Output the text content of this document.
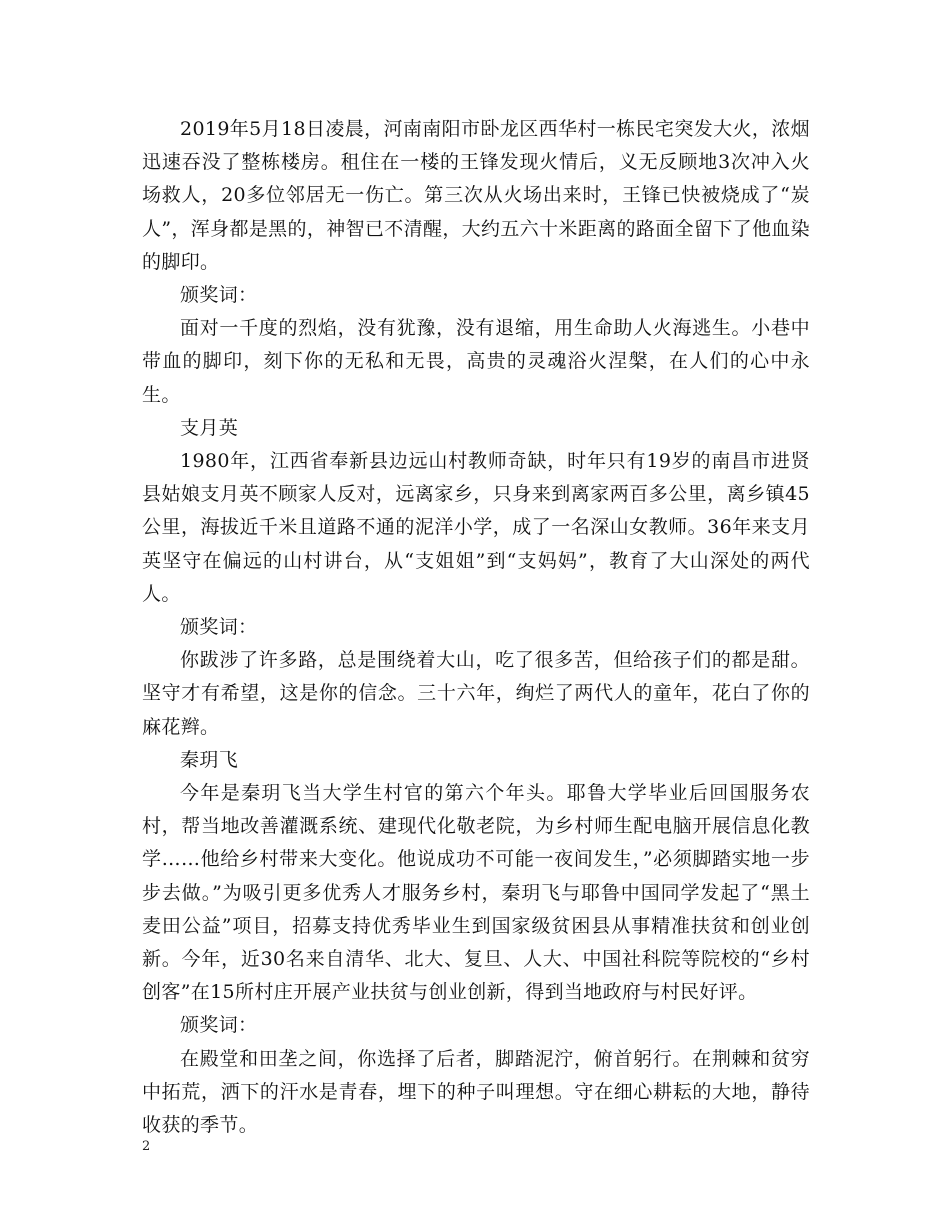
2019年5月18日凌晨，河南南阳市卧龙区西华村一栋民宅突发大火，浓烟迅速吞没了整栋楼房。租住在一楼的王锋发现火情后，义无反顾地3次冲入火场救人，20多位邻居无一伤亡。第三次从火场出来时，王锋已快被烧成了“炭人”，浑身都是黑的，神智已不清醒，大约五六十米距离的路面全留下了他血染的脚印。

颁奖词：

面对一千度的烈焰，没有犹豫，没有退缩，用生命助人火海逃生。小巷中带血的脚印，刻下你的无私和无畏，高贵的灵魂浴火涅槃，在人们的心中永生。

支月英

1980年，江西省奉新县边远山村教师奇缺，时年只有19岁的南昌市进贤县姑娘支月英不顾家人反对，远离家乡，只身来到离家两百多公里，离乡镇45公里，海拔近千米且道路不通的泥洋小学，成了一名深山女教师。36年来支月英坚守在偏远的山村讲台，从“支姐姐”到“支妈妈”，教育了大山深处的两代人。

颁奖词：

你跋涉了许多路，总是围绕着大山，吃了很多苦，但给孩子们的都是甜。坚守才有希望，这是你的信念。三十六年，绚烂了两代人的童年，花白了你的麻花辫。

秦玥飞

今年是秦玥飞当大学生村官的第六个年头。耶鲁大学毕业后回国服务农村，帮当地改善灌溉系统、建现代化敬老院，为乡村师生配电脑开展信息化教学……他给乡村带来大变化。他说成功不可能一夜间发生，”必须脚踏实地一步步去做。”为吸引更多优秀人才服务乡村，秦玥飞与耶鲁中国同学发起了“黑土麦田公益”项目，招募支持优秀毕业生到国家级贫困县从事精准扶贫和创业创新。今年，近30名来自清华、北大、复旦、人大、中国社科院等院校的“乡村创客”在15所村庄开展产业扶贫与创业创新，得到当地政府与村民好评。

颁奖词：

在殿堂和田垄之间，你选择了后者，脚踏泥泞，俯首躬行。在荆棘和贫穷中拓荒，洒下的汗水是青春，埋下的种子叫理想。守在细心耕耘的大地，静待收获的季节。

2
